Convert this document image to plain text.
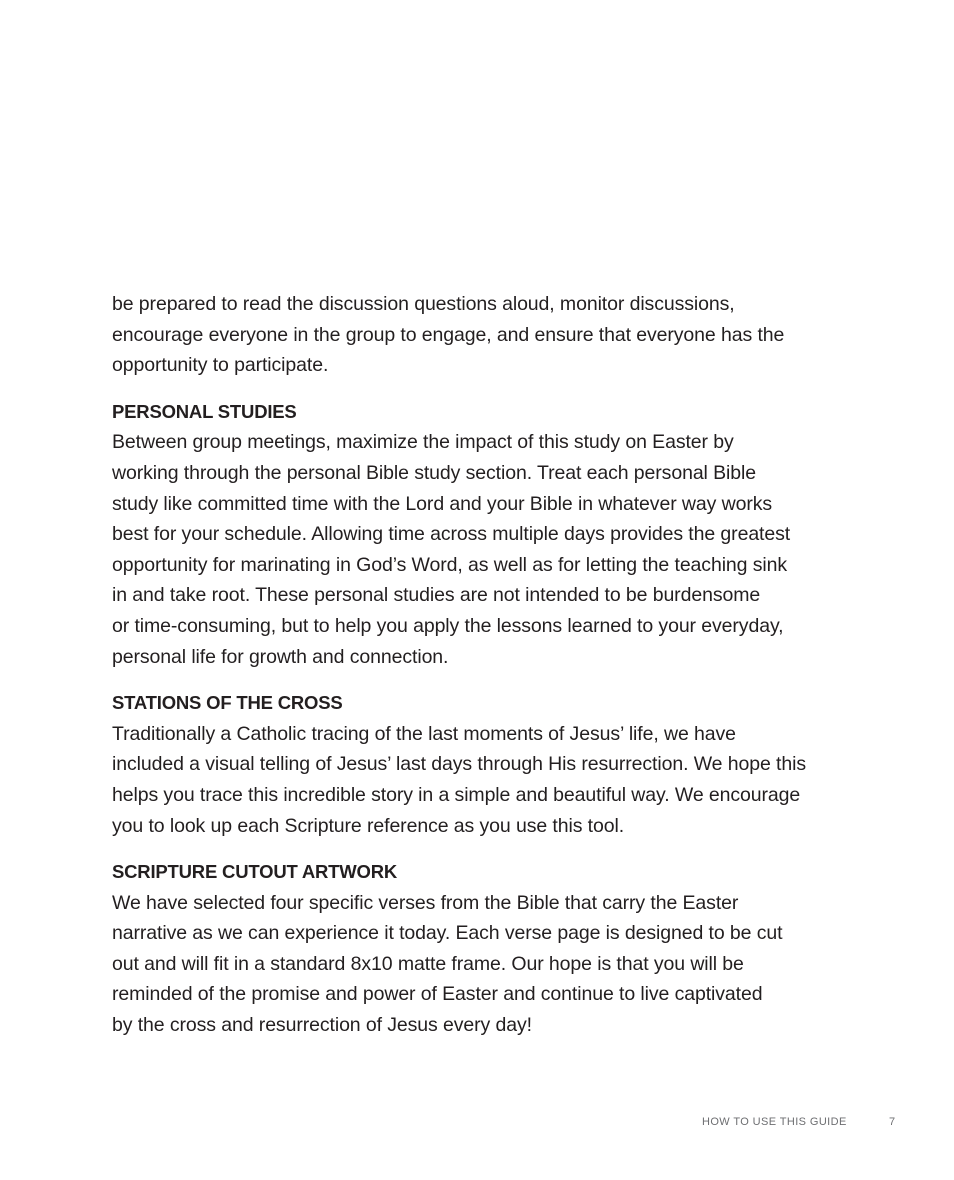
be prepared to read the discussion questions aloud, monitor discussions,
encourage everyone in the group to engage, and ensure that everyone has the
opportunity to participate.

PERSONAL STUDIES

Between group meetings, maximize the impact of this study on Easter by
working through the personal Bible study section. Treat each personal Bible
study like committed time with the Lord and your Bible in whatever way works
best for your schedule. Allowing time across multiple days provides the greatest
opportunity for marinating in God’s Word, as well as for letting the teaching sink
in and take root. These personal studies are not intended to be burdensome
or time-consuming, but to help you apply the lessons learned to your everyday,
personal life for growth and connection.

STATIONS OF THE CROSS

Traditionally a Catholic tracing of the last moments of Jesus’ life, we have
included a visual telling of Jesus’ last days through His resurrection. We hope this
helps you trace this incredible story in a simple and beautiful way. We encourage
you to look up each Scripture reference as you use this tool.

SCRIPTURE CUTOUT ARTWORK

We have selected four specific verses from the Bible that carry the Easter
narrative as we can experience it today. Each verse page is designed to be cut
out and will fit in a standard 8x10 matte frame. Our hope is that you will be
reminded of the promise and power of Easter and continue to live captivated
by the cross and resurrection of Jesus every day!

HOW TO USE THIS GUIDE	7
